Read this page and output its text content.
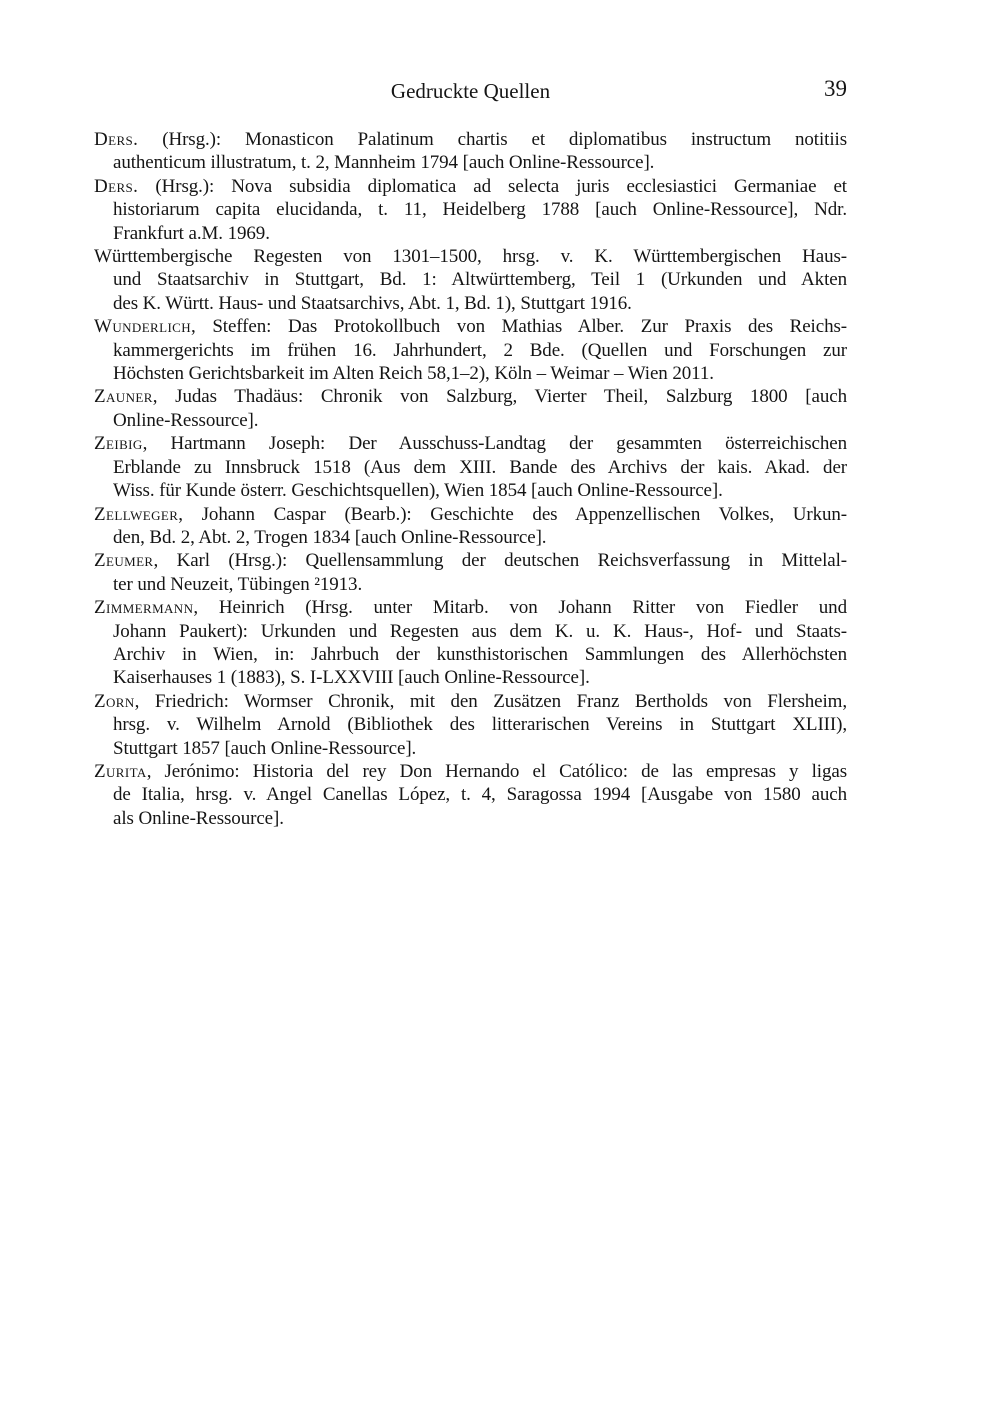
Gedruckte Quellen	39

Ders. (Hrsg.): Monasticon Palatinum chartis et diplomatibus instructum notitiis
authenticum illustratum, t. 2, Mannheim 1794 [auch Online-Ressource].

Ders. (Hrsg.): Nova subsidia diplomatica ad selecta juris ecclesiastici Germaniae et
historiarum capita elucidanda, t. 11, Heidelberg 1788 [auch Online-Ressource], Ndr.
Frankfurt a.M. 1969.

Württembergische Regesten von 1301–1500, hrsg. v. K. Württembergischen Haus-
und Staatsarchiv in Stuttgart, Bd. 1: Altwürttemberg, Teil 1 (Urkunden und Akten
des K. Württ. Haus- und Staatsarchivs, Abt. 1, Bd. 1), Stuttgart 1916.

Wunderlich, Steffen: Das Protokollbuch von Mathias Alber. Zur Praxis des Reichs-
kammergerichts im frühen 16. Jahrhundert, 2 Bde. (Quellen und Forschungen zur
Höchsten Gerichtsbarkeit im Alten Reich 58,1–2), Köln – Weimar – Wien 2011.

Zauner, Judas Thadäus: Chronik von Salzburg, Vierter Theil, Salzburg 1800 [auch
Online-Ressource].

Zeibig, Hartmann Joseph: Der Ausschuss-Landtag der gesammten österreichischen
Erblande zu Innsbruck 1518 (Aus dem XIII. Bande des Archivs der kais. Akad. der
Wiss. für Kunde österr. Geschichtsquellen), Wien 1854 [auch Online-Ressource].

Zellweger, Johann Caspar (Bearb.): Geschichte des Appenzellischen Volkes, Urkun-
den, Bd. 2, Abt. 2, Trogen 1834 [auch Online-Ressource].

Zeumer, Karl (Hrsg.): Quellensammlung der deutschen Reichsverfassung in Mittelal-
ter und Neuzeit, Tübingen ²1913.

Zimmermann, Heinrich (Hrsg. unter Mitarb. von Johann Ritter von Fiedler und
Johann Paukert): Urkunden und Regesten aus dem K. u. K. Haus-, Hof- und Staats-
Archiv in Wien, in: Jahrbuch der kunsthistorischen Sammlungen des Allerhöchsten
Kaiserhauses 1 (1883), S. I-LXXVIII [auch Online-Ressource].

Zorn, Friedrich: Wormser Chronik, mit den Zusätzen Franz Bertholds von Flersheim,
hrsg. v. Wilhelm Arnold (Bibliothek des litterarischen Vereins in Stuttgart XLIII),
Stuttgart 1857 [auch Online-Ressource].

Zurita, Jerónimo: Historia del rey Don Hernando el Católico: de las empresas y ligas
de Italia, hrsg. v. Angel Canellas López, t. 4, Saragossa 1994 [Ausgabe von 1580 auch
als Online-Ressource].
